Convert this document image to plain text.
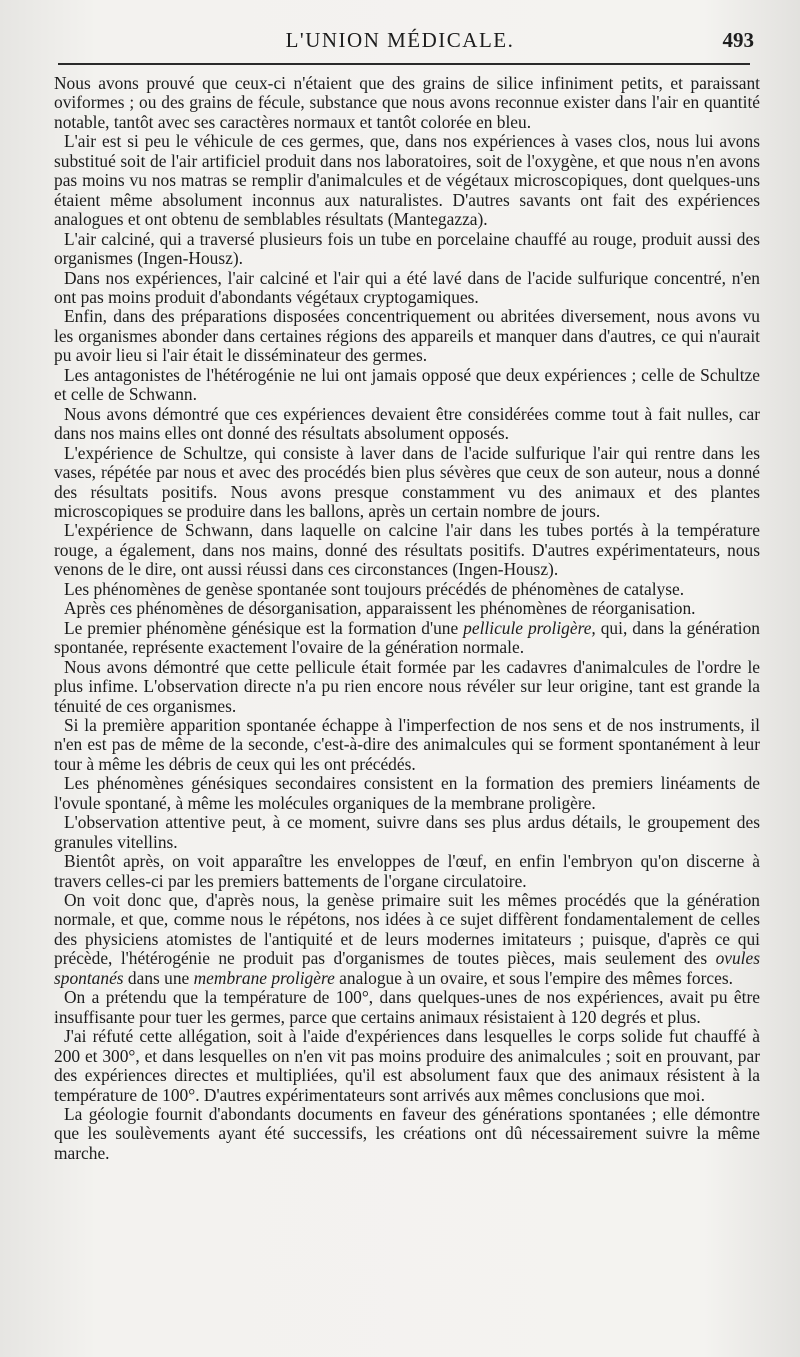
L'UNION MÉDICALE.	493

Nous avons prouvé que ceux-ci n'étaient que des grains de silice infiniment petits, et paraissant oviformes ; ou des grains de fécule, substance que nous avons reconnue exister dans l'air en quantité notable, tantôt avec ses caractères normaux et tantôt colorée en bleu.

L'air est si peu le véhicule de ces germes, que, dans nos expériences à vases clos, nous lui avons substitué soit de l'air artificiel produit dans nos laboratoires, soit de l'oxygène, et que nous n'en avons pas moins vu nos matras se remplir d'animalcules et de végétaux microscopiques, dont quelques-uns étaient même absolument inconnus aux naturalistes. D'autres savants ont fait des expériences analogues et ont obtenu de semblables résultats (Mantegazza).

L'air calciné, qui a traversé plusieurs fois un tube en porcelaine chauffé au rouge, produit aussi des organismes (Ingen-Housz).

Dans nos expériences, l'air calciné et l'air qui a été lavé dans de l'acide sulfurique concentré, n'en ont pas moins produit d'abondants végétaux cryptogamiques.

Enfin, dans des préparations disposées concentriquement ou abritées diversement, nous avons vu les organismes abonder dans certaines régions des appareils et manquer dans d'autres, ce qui n'aurait pu avoir lieu si l'air était le disséminateur des germes.

Les antagonistes de l'hétérogénie ne lui ont jamais opposé que deux expériences ; celle de Schultze et celle de Schwann.

Nous avons démontré que ces expériences devaient être considérées comme tout à fait nulles, car dans nos mains elles ont donné des résultats absolument opposés.

L'expérience de Schultze, qui consiste à laver dans de l'acide sulfurique l'air qui rentre dans les vases, répétée par nous et avec des procédés bien plus sévères que ceux de son auteur, nous a donné des résultats positifs. Nous avons presque constamment vu des animaux et des plantes microscopiques se produire dans les ballons, après un certain nombre de jours.

L'expérience de Schwann, dans laquelle on calcine l'air dans les tubes portés à la température rouge, a également, dans nos mains, donné des résultats positifs. D'autres expérimentateurs, nous venons de le dire, ont aussi réussi dans ces circonstances (Ingen-Housz).

Les phénomènes de genèse spontanée sont toujours précédés de phénomènes de catalyse.

Après ces phénomènes de désorganisation, apparaissent les phénomènes de réorganisation.

Le premier phénomène génésique est la formation d'une pellicule proligère, qui, dans la génération spontanée, représente exactement l'ovaire de la génération normale.

Nous avons démontré que cette pellicule était formée par les cadavres d'animalcules de l'ordre le plus infime. L'observation directe n'a pu rien encore nous révéler sur leur origine, tant est grande la ténuité de ces organismes.

Si la première apparition spontanée échappe à l'imperfection de nos sens et de nos instruments, il n'en est pas de même de la seconde, c'est-à-dire des animalcules qui se forment spontanément à leur tour à même les débris de ceux qui les ont précédés.

Les phénomènes génésiques secondaires consistent en la formation des premiers linéaments de l'ovule spontané, à même les molécules organiques de la membrane proligère.

L'observation attentive peut, à ce moment, suivre dans ses plus ardus détails, le groupement des granules vitellins.

Bientôt après, on voit apparaître les enveloppes de l'œuf, en enfin l'embryon qu'on discerne à travers celles-ci par les premiers battements de l'organe circulatoire.

On voit donc que, d'après nous, la genèse primaire suit les mêmes procédés que la génération normale, et que, comme nous le répétons, nos idées à ce sujet diffèrent fondamentalement de celles des physiciens atomistes de l'antiquité et de leurs modernes imitateurs ; puisque, d'après ce qui précède, l'hétérogénie ne produit pas d'organismes de toutes pièces, mais seulement des ovules spontanés dans une membrane proligère analogue à un ovaire, et sous l'empire des mêmes forces.

On a prétendu que la température de 100°, dans quelques-unes de nos expériences, avait pu être insuffisante pour tuer les germes, parce que certains animaux résistaient à 120 degrés et plus.

J'ai réfuté cette allégation, soit à l'aide d'expériences dans lesquelles le corps solide fut chauffé à 200 et 300°, et dans lesquelles on n'en vit pas moins produire des animalcules ; soit en prouvant, par des expériences directes et multipliées, qu'il est absolument faux que des animaux résistent à la température de 100°. D'autres expérimentateurs sont arrivés aux mêmes conclusions que moi.

La géologie fournit d'abondants documents en faveur des générations spontanées ; elle démontre que les soulèvements ayant été successifs, les créations ont dû nécessairement suivre la même marche.
